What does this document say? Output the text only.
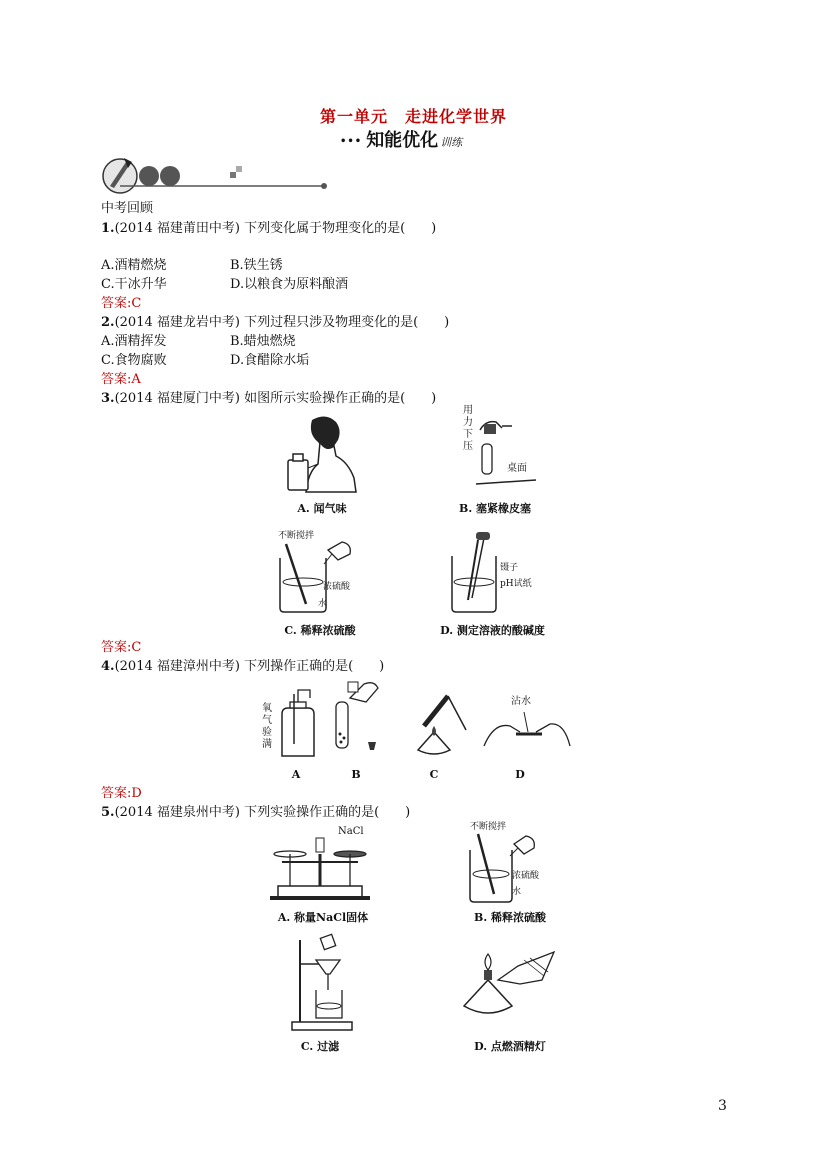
第一单元　走进化学世界
••• 知能优化 训练
中考回顾
1.(2014 福建莆田中考) 下列变化属于物理变化的是(　　)
A.酒精燃烧	B.铁生锈
C.干冰升华	D.以粮食为原料酿酒
答案:C
2.(2014 福建龙岩中考) 下列过程只涉及物理变化的是(　　)
A.酒精挥发	B.蜡烛燃烧
C.食物腐败	D.食醋除水垢
答案:A
3.(2014 福建厦门中考) 如图所示实验操作正确的是(　　)
A. 闻气味
用
力
下
压
桌面
B. 塞紧橡皮塞
不断搅拌
浓硫酸
水
C. 稀释浓硫酸
镊子
pH试纸
D. 测定溶液的酸碱度
答案:C
4.(2014 福建漳州中考) 下列操作正确的是(　　)
氧
气
验
满
沾水
A	B	C	D
答案:D
5.(2014 福建泉州中考) 下列实验操作正确的是(　　)
NaCl
A. 称量NaCl固体
不断搅拌
浓硫酸
水
B. 稀释浓硫酸
C. 过滤	D. 点燃酒精灯
3
